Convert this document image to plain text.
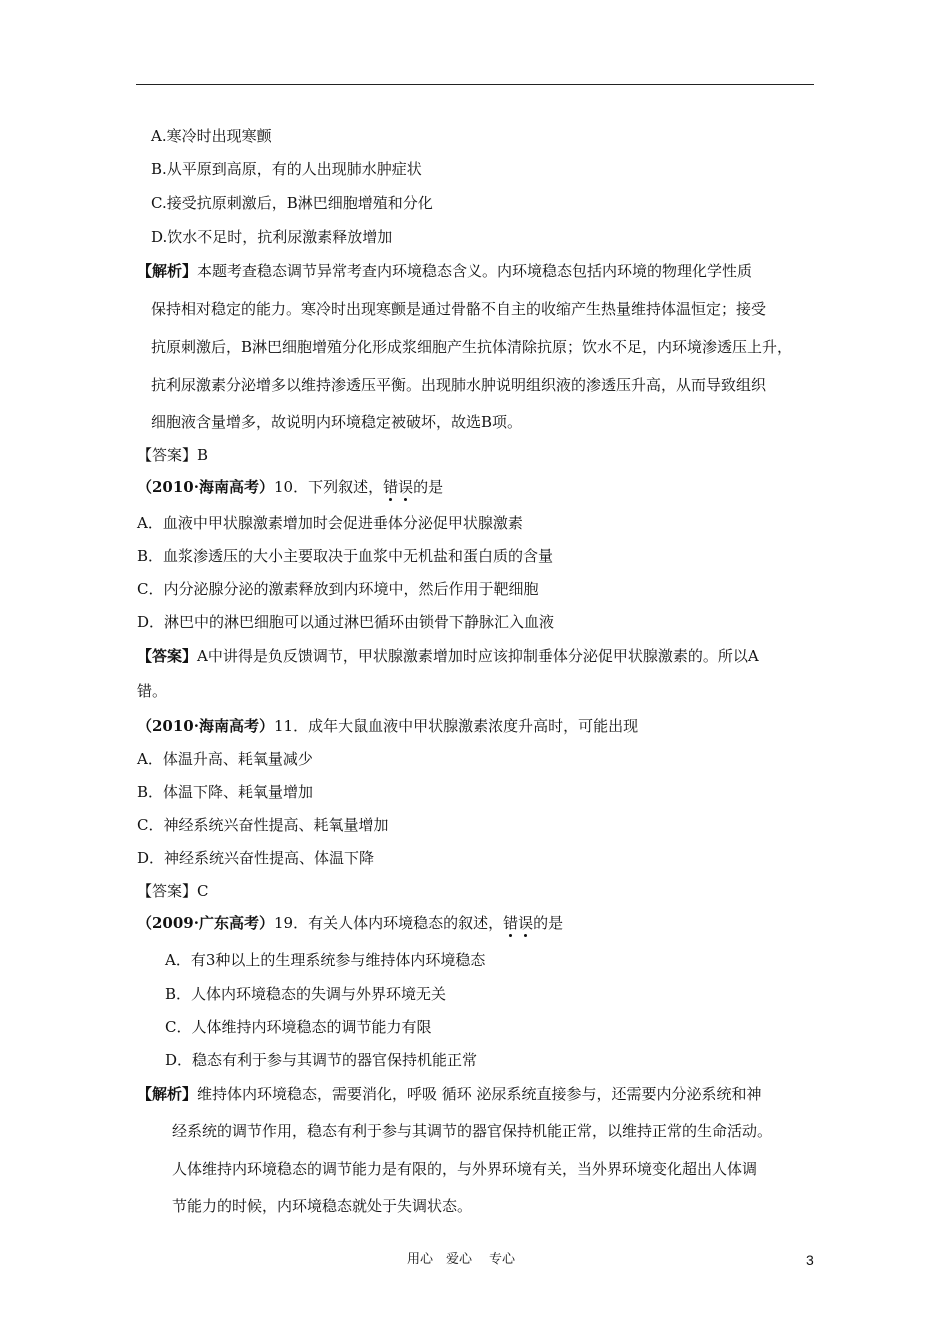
A.寒冷时出现寒颤
B.从平原到高原，有的人出现肺水肿症状
C.接受抗原刺激后，B淋巴细胞增殖和分化
D.饮水不足时，抗利尿激素释放增加
【解析】本题考查稳态调节异常考查内环境稳态含义。内环境稳态包括内环境的物理化学性质
保持相对稳定的能力。寒冷时出现寒颤是通过骨骼不自主的收缩产生热量维持体温恒定；接受
抗原刺激后，B淋巴细胞增殖分化形成浆细胞产生抗体清除抗原；饮水不足，内环境渗透压上升，
抗利尿激素分泌增多以维持渗透压平衡。出现肺水肿说明组织液的渗透压升高，从而导致组织
细胞液含量增多，故说明内环境稳定被破坏，故选B项。
【答案】B
（2010·海南高考）10．下列叙述，错误的是
A．血液中甲状腺激素增加时会促进垂体分泌促甲状腺激素
B．血浆渗透压的大小主要取决于血浆中无机盐和蛋白质的含量
C．内分泌腺分泌的激素释放到内环境中，然后作用于靶细胞
D．淋巴中的淋巴细胞可以通过淋巴循环由锁骨下静脉汇入血液
【答案】A中讲得是负反馈调节，甲状腺激素增加时应该抑制垂体分泌促甲状腺激素的。所以A
错。
（2010·海南高考）11．成年大鼠血液中甲状腺激素浓度升高时，可能出现
A．体温升高、耗氧量减少
B．体温下降、耗氧量增加
C．神经系统兴奋性提高、耗氧量增加
D．神经系统兴奋性提高、体温下降
【答案】C
（2009·广东高考）19．有关人体内环境稳态的叙述，错误的是
A．有3种以上的生理系统参与维持体内环境稳态
B．人体内环境稳态的失调与外界环境无关
C．人体维持内环境稳态的调节能力有限
D．稳态有利于参与其调节的器官保持机能正常
【解析】维持体内环境稳态，需要消化，呼吸 循环 泌尿系统直接参与，还需要内分泌系统和神
经系统的调节作用，稳态有利于参与其调节的器官保持机能正常，以维持正常的生命活动。
人体维持内环境稳态的调节能力是有限的，与外界环境有关，当外界环境变化超出人体调
节能力的时候，内环境稳态就处于失调状态。
用心 爱心 专心	3
